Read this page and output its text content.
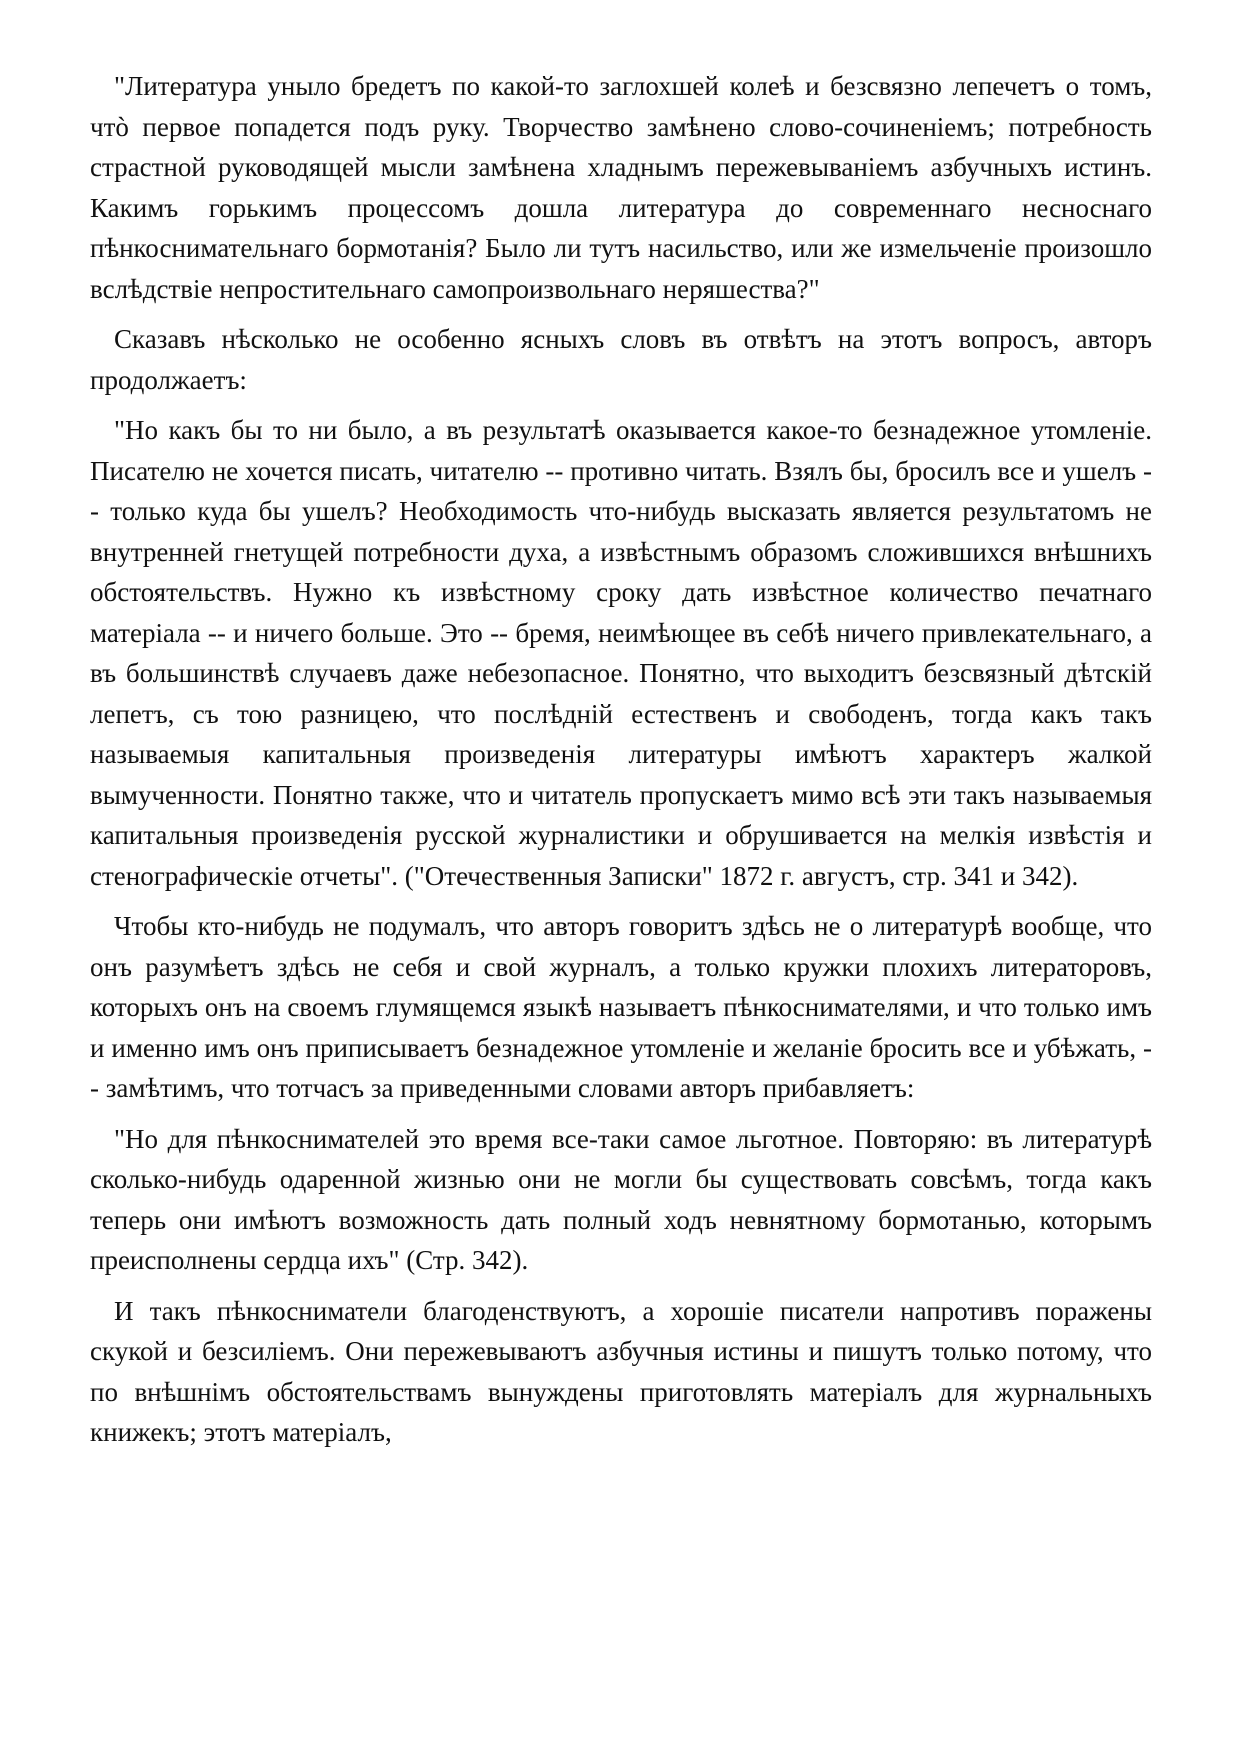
"Литература уныло бредетъ по какой-то заглохшей колеѣ и безсвязно лепечетъ о томъ, чтò первое попадется подъ руку. Творчество замѣнено слово-сочиненіемъ; потребность страстной руководящей мысли замѣнена хладнымъ пережевываніемъ азбучныхъ истинъ. Какимъ горькимъ процессомъ дошла литература до современнаго несноснаго пѣнкоснимательнаго бормотанія? Было ли тутъ насильство, или же измельченіе произошло вслѣдствіе непростительнаго самопроизвольнаго неряшества?"

Сказавъ нѣсколько не особенно ясныхъ словъ въ отвѣтъ на этотъ вопросъ, авторъ продолжаетъ:

"Но какъ бы то ни было, а въ результатѣ оказывается какое-то безнадежное утомленіе. Писателю не хочется писать, читателю -- противно читать. Взялъ бы, бросилъ все и ушелъ -- только куда бы ушелъ? Необходимость что-нибудь высказать является результатомъ не внутренней гнетущей потребности духа, а извѣстнымъ образомъ сложившихся внѣшнихъ обстоятельствъ. Нужно къ извѣстному сроку дать извѣстное количество печатнаго матеріала -- и ничего больше. Это -- бремя, неимѣющее въ себѣ ничего привлекательнаго, а въ большинствѣ случаевъ даже небезопасное. Понятно, что выходитъ безсвязный дѣтскій лепетъ, съ тою разницею, что послѣдній естественъ и свободенъ, тогда какъ такъ называемыя капитальныя произведенія литературы имѣютъ характеръ жалкой вымученности. Понятно также, что и читатель пропускаетъ мимо всѣ эти такъ называемыя капитальныя произведенія русской журналистики и обрушивается на мелкія извѣстія и стенографическіе отчеты". ("Отечественныя Записки" 1872 г. августъ, стр. 341 и 342).

Чтобы кто-нибудь не подумалъ, что авторъ говоритъ здѣсь не о литературѣ вообще, что онъ разумѣетъ здѣсь не себя и свой журналъ, а только кружки плохихъ литераторовъ, которыхъ онъ на своемъ глумящемся языкѣ называетъ пѣнкоснимателями, и что только имъ и именно имъ онъ приписываетъ безнадежное утомленіе и желаніе бросить все и убѣжать, -- замѣтимъ, что тотчасъ за приведенными словами авторъ прибавляетъ:

"Но для пѣнкоснимателей это время все-таки самое льготное. Повторяю: въ литературѣ сколько-нибудь одаренной жизнью они не могли бы существовать совсѣмъ, тогда какъ теперь они имѣютъ возможность дать полный ходъ невнятному бормотанью, которымъ преисполнены сердца ихъ" (Стр. 342).

И такъ пѣнкосниматели благоденствуютъ, а хорошіе писатели напротивъ поражены скукой и безсиліемъ. Они пережевываютъ азбучныя истины и пишутъ только потому, что по внѣшнімъ обстоятельствамъ вынуждены приготовлять матеріалъ для журнальныхъ книжекъ; этотъ матеріалъ,
